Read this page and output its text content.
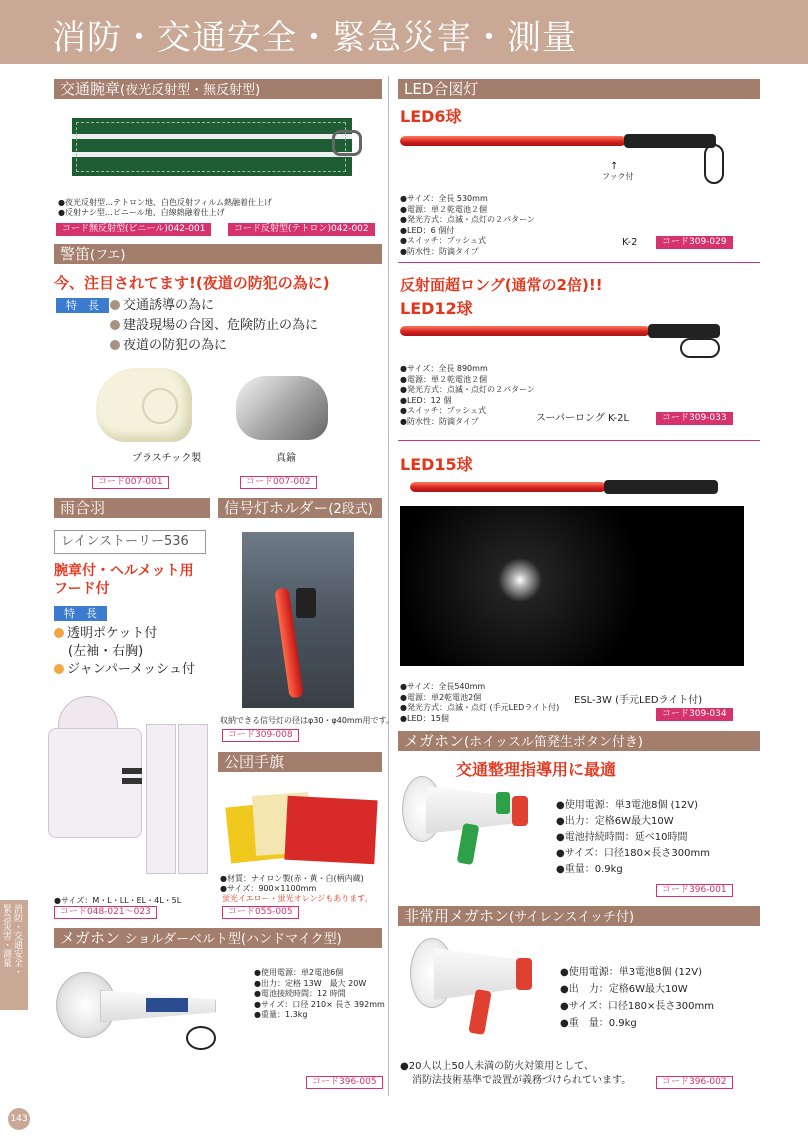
消防・交通安全・緊急災害・測量
交通腕章(夜光反射型・無反射型)
●夜光反射型…テトロン地、白色反射フィルム熱融着仕上げ
●反射ナシ型…ビニール地、白線熱融着仕上げ
コード無反射型(ビニール)042-001	コード反射型(テトロン)042-002
警笛(フエ)
今、注目されてます!(夜道の防犯の為に)
特　長	交通誘導の為に
建設現場の合図、危険防止の為に
夜道の防犯の為に
プラスチック製	真鍮
コード007-001	コード007-002
雨合羽
レインストーリー536
腕章付・ヘルメット用
フード付
特　長
透明ポケット付
(左袖・右胸)
ジャンパーメッシュ付
●サイズ：M・L・LL・EL・4L・5L
コード048-021〜023
信号灯ホルダー(2段式)
収納できる信号灯の径はφ30・φ40mm用です。
コード309-008
公団手旗
●材質：ナイロン製(赤・黄・白(柄内蔵)
●サイズ：900×1100mm
蛍光イエロー・蛍光オレンジもあります。
コード055-005
メガホン ショルダーベルト型(ハンドマイク型)
●使用電源：単2電池6個
●出力：定格 13W　最大 20W
●電池接続時間：12 時間
●サイズ：口径 210× 長さ 392mm
●重量：1.3kg
コード396-005
LED合図灯
LED6球
↑
フック付
●サイズ：全長 530mm
●電源：単２乾電池２個
●発光方式：点滅・点灯の２パターン
●LED：6 個付
●スイッチ：プッシュ式
●防水性：防滴タイプ
K-2	コード309-029
反射面超ロング(通常の2倍)!!
LED12球
●サイズ：全長 890mm
●電源：単２乾電池２個
●発光方式：点滅・点灯の２パターン
●LED：12 個
●スイッチ：プッシュ式
●防水性：防滴タイプ	スーパーロング K-2L	コード309-033
LED15球
●サイズ：全長540mm
●電源：単2乾電池2個
●発光方式：点滅・点灯 (手元LEDライト付)
●LED：15個
ESL-3W (手元LEDライト付)
コード309-034
メガホン(ホイッスル笛発生ボタン付き)
交通整理指導用に最適
●使用電源：単3電池8個 (12V)
●出力：定格6W最大10W
●電池持続時間：延べ10時間
●サイズ：口径180×長さ300mm
●重量：0.9kg
コード396-001
非常用メガホン(サイレンスイッチ付)
●使用電源：単3電池8個 (12V)
●出　力：定格6W最大10W
●サイズ：口径180×長さ300mm
●重　量：0.9kg
●20人以上50人未満の防火対策用として、
消防法技術基準で設置が義務づけられています。	コード396-002
消防・交通安全・
緊急災害・測量
143
